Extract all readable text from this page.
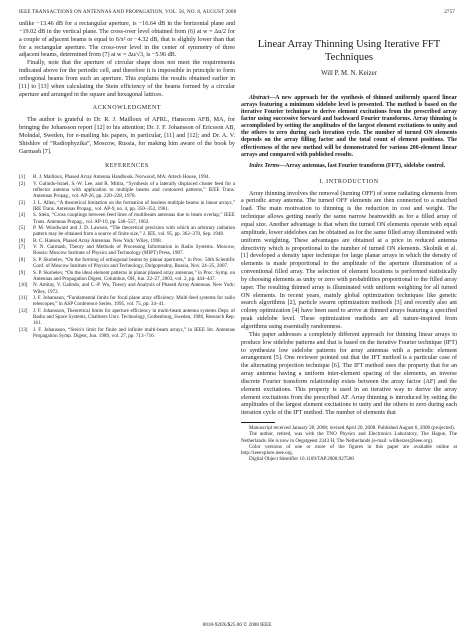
IEEE TRANSACTIONS ON ANTENNAS AND PROPAGATION, VOL. 56, NO. 8, AUGUST 2008	2757

unlike −13.46 dB for a rectangular aperture, is −16.64 dB in the horizontal plane and −19.02 dB in the vertical plane. The cross-over level obtained from (6) at w = Δu/2 for a couple of adjacent beams is equal to 6/π² or −4.32 dB, that is slightly lower than that for a rectangular aperture. The cross-over level in the center of symmetry of three adjacent beams, determined from (7) at w = Δu/√3, is −5.96 dB.

Finally, note that the aperture of circular shape does not meet the requirements indicated above for the periodic cell, and therefore it is impossible in principle to form orthogonal beams from such an aperture. This explains the results obtained earlier in [11] to [13] when calculating the Stein efficiency of the beams formed by a circular aperture and arranged in the square and hexagonal lattices.

ACKNOWLEDGMENT

The author is grateful to Dr. R. J. Mailloux of AFRL, Hanscom AFB, MA, for bringing the Johansson report [12] to his attention; Dr. J. F. Johansson of Ericsson AB, Molndal, Sweden, for e-mailing his papers, in particular, [11] and [12]; and Dr. A. V. Shishlov of “Radiophyzika”, Moscow, Russia, for making him aware of the book by Garmash [7].

REFERENCES
[1]	R. J. Mailloux, Phased Array Antenna Handbook. Norwood, MA: Artech House, 1994.
[2]	V. Galindo-Israel, S.-W. Lee, and R. Mittra, “Synthesis of a laterally displaced cluster feed for a reflector antenna with application to multiple beams and contoured patterns,” IEEE Trans. Antennas Propag., vol. AP-26, pp. 220–228, 1978.
[3]	J. L. Allen, “A theoretical limitation on the formation of lossless multiple beams in linear arrays,” IRE Trans. Antennas Propag., vol. AP-9, no. 4, pp. 350–352, 1961.
[4]	S. Stein, “Cross couplings between feed lines of multibeam antennas due to beam overlap,” IEEE Trans. Antennas Propag., vol. AP-10, pp. 548–557, 1962.
[5]	P. M. Woodward and J. D. Lawson, “The theoretical precision with which an arbitrary radiation pattern may be obtained from a source of finite size,” J. IEE, vol. 95, pp. 362–370, Sep. 1948.
[6]	R. C. Hansen, Phased Array Antennas. New York: Wiley, 1998.
[7]	V. N. Garmash, Theory and Methods of Processing Information in Radio Systems. Moscow, Russia: Moscow Institute of Physics and Technology (MIPT) Press, 1987.
[8]	S. P. Skobelev, “On the forming of orthogonal beams by planar apertures,” in Proc. 50th Scientific Conf. of Moscow Institute of Physics and Technology, Dolgoprudny, Russia, Nov. 24–25, 2007.
[9]	S. P. Skobelev, “On the ideal element patterns in planar phased array antennas,” in Proc. Symp. on Antennas and Propagation Digest, Columbus, OH, Jun. 22–27, 2003, vol. 2, pp. 444–447.
[10]	N. Amitay, V. Galindo, and C.-P. Wu, Theory and Analysis of Phased Array Antennas. New York: Wiley, 1972.
[11]	J. F. Johansson, “Fundamental limits for focal plane array efficiency. Multi-feed systems for radio telescopes,” in ASP Conference Series, 1995, vol. 75, pp. 34–41.
[12]	J. F. Johansson, Theoretical limits for aperture efficiency in multi-beam antenna systems Dept. of Radio and Space Systems, Chalmers Univ. Technology, Gothenburg, Sweden, 1988, Research Rep. 161.
[13]	J. F. Johansson, “Stein’s limit for finite and infinite multi-beam arrays,” in IEEE Int. Antennas Propagation Symp. Digest, Jun. 1989, vol. 27, pp. 713–716.
Linear Array Thinning Using Iterative FFT Techniques
Will P. M. N. Keizer

Abstract—A new approach for the synthesis of thinned uniformly spaced linear arrays featuring a minimum sidelobe level is presented. The method is based on the iterative Fourier technique to derive element excitations from the prescribed array factor using successive forward and backward Fourier transforms. Array thinning is accomplished by setting the amplitudes of the largest element excitations to unity and the others to zero during each iteration cycle. The number of turned ON elements depends on the array filling factor and the total count of element positions. The effectiveness of the new method will be demonstrated for various 200-element linear arrays and compared with published results.

Index Terms—Array antennas, fast Fourier transform (FFT), sidelobe control.

I. INTRODUCTION

Array thinning involves the removal (turning OFF) of some radiating elements from a periodic array antenna. The turned OFF elements are then connected to a matched load. The main motivation to thinning is the reduction in cost and weight. The technique allows getting nearly the same narrow beamwidth as for a filled array of equal size. Another advantage is that when the turned ON elements operate with equal amplitude, lower sidelobes can be obtained as for the same filled array illuminated with uniform weighting. These advantages are obtained at a price in reduced antenna directivity which is proportional to the number of turned ON elements. Skolnik et al. [1] developed a density taper technique for large planar arrays in which the density of elements is made proportional to the amplitude of the aperture illumination of a conventional filled array. The selection of element locations is performed statistically by choosing elements as unity or zero with probabilities proportional to the filled array taper. The resulting thinned array is illuminated with uniform weighting for all turned ON elements. In recent years, mainly global optimization techniques like genetic search algorithms [2], particle swarm optimization methods [3] and recently also ant colony optimization [4] have been used to arrive at thinned arrays featuring a specified peak sidelobe level. These optimization methods are all nature-inspired from algorithms using essentially randomness.

This paper addresses a completely different approach for thinning linear arrays to produce low sidelobe patterns and that is based on the iterative Fourier technique (IFT) to synthesize low sidelobe patterns for array antennas with a periodic element arrangement [5]. One reviewer pointed out that the IFT method is a particular case of the alternating projection technique [6]. The IFT method uses the property that for an array antenna having a uniform inter-element spacing of the elements, an inverse discrete Fourier transform relationship exists between the array factor (AF) and the element excitations. This property is used in an iterative way to derive the array element excitations from the prescribed AF. Array thinning is introduced by setting the amplitudes of the largest element excitations to unity and the others to zero during each iteration cycle of the IFT method. The number of elements that

Manuscript received January 28, 2008; revised April 20, 2008. Published August 6, 2008 (projected).

The author, retired, was with the TNO Physics and Electronics Laboratory, The Hague, The Netherlands. He is now in Oegstgeest 2343 H, The Netherlands (e-mail: willkeizer@ieee.org).

Color versions of one or more of the figures in this paper are available online at http://ieeexplore.ieee.org.

Digital Object Identifier 10.1109/TAP.2008.927580

0018-926X/$25.00 © 2008 IEEE
